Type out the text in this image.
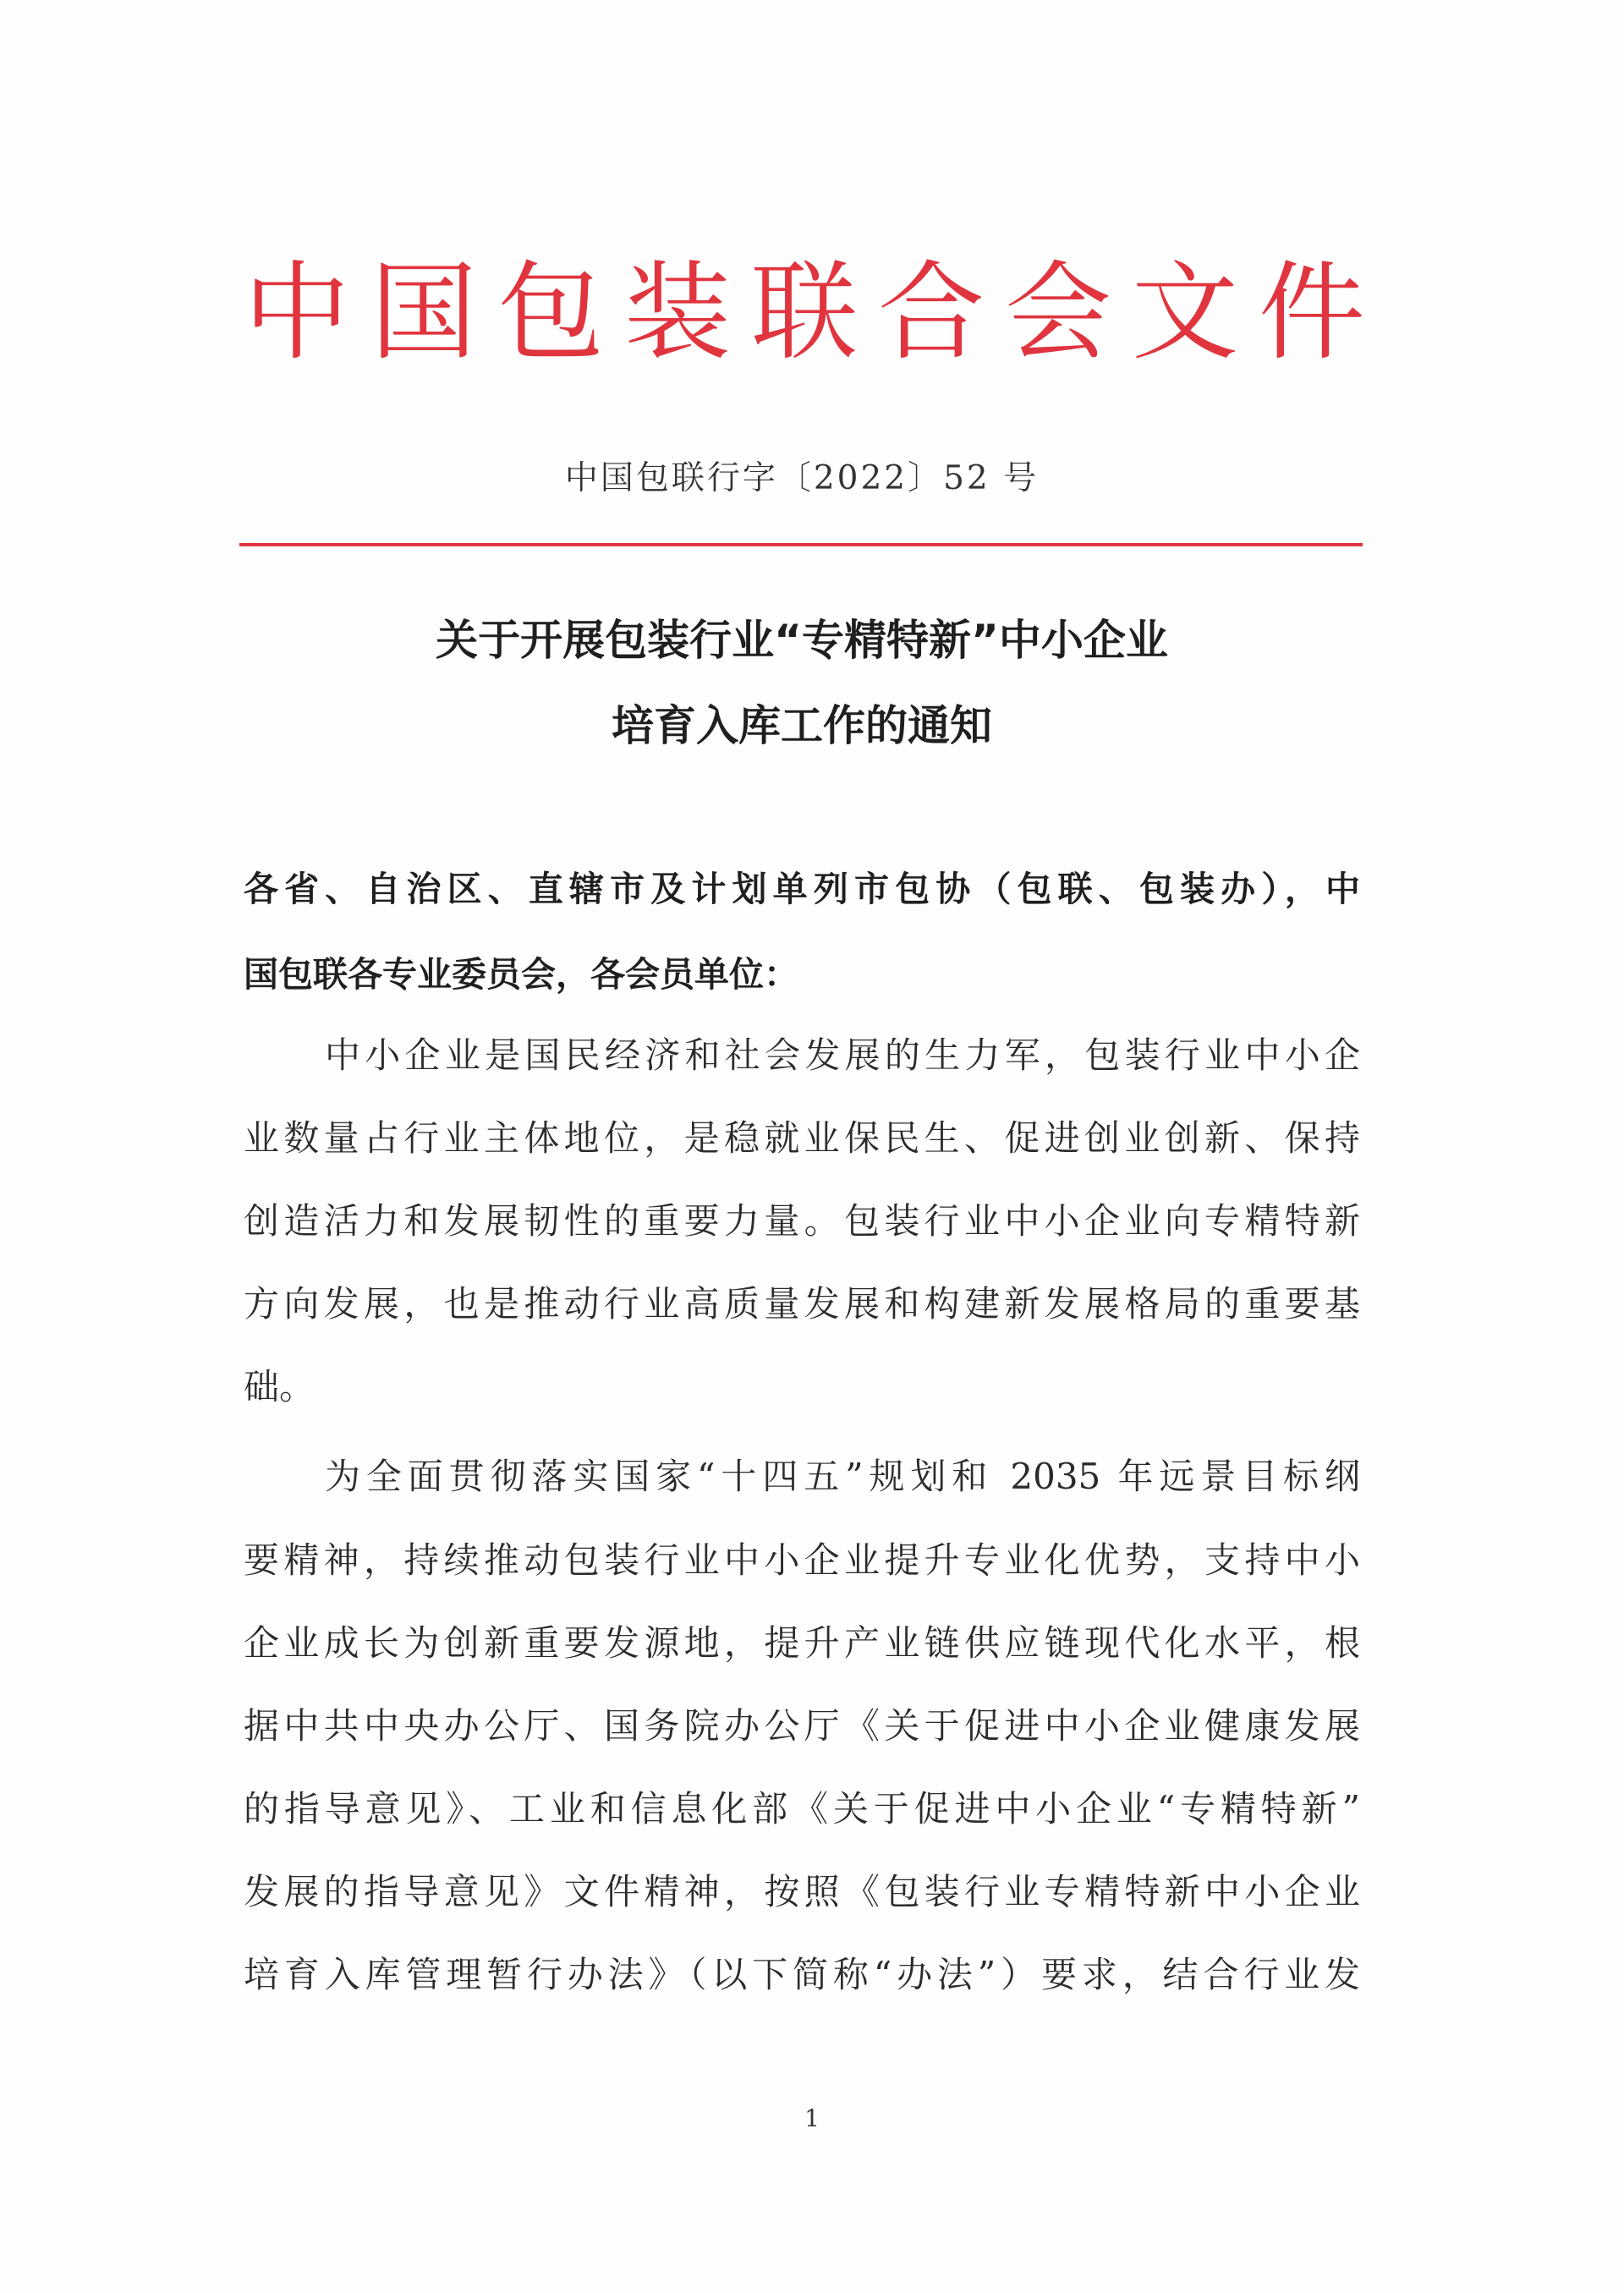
中国包装联合会文件
中国包联行字〔2022〕52 号
关于开展包装行业“专精特新”中小企业
培育入库工作的通知
各省、自治区、直辖市及计划单列市包协（包联、包装办），中
国包联各专业委员会，各会员单位：
中小企业是国民经济和社会发展的生力军，包装行业中小企
业数量占行业主体地位，是稳就业保民生、促进创业创新、保持
创造活力和发展韧性的重要力量。包装行业中小企业向专精特新
方向发展，也是推动行业高质量发展和构建新发展格局的重要基
础。
为全面贯彻落实国家“十四五”规划和 2035 年远景目标纲
要精神，持续推动包装行业中小企业提升专业化优势，支持中小
企业成长为创新重要发源地，提升产业链供应链现代化水平，根
据中共中央办公厅、国务院办公厅《关于促进中小企业健康发展
的指导意见》、工业和信息化部《关于促进中小企业“专精特新”
发展的指导意见》文件精神，按照《包装行业专精特新中小企业
培育入库管理暂行办法》（以下简称“办法”）要求，结合行业发
1
